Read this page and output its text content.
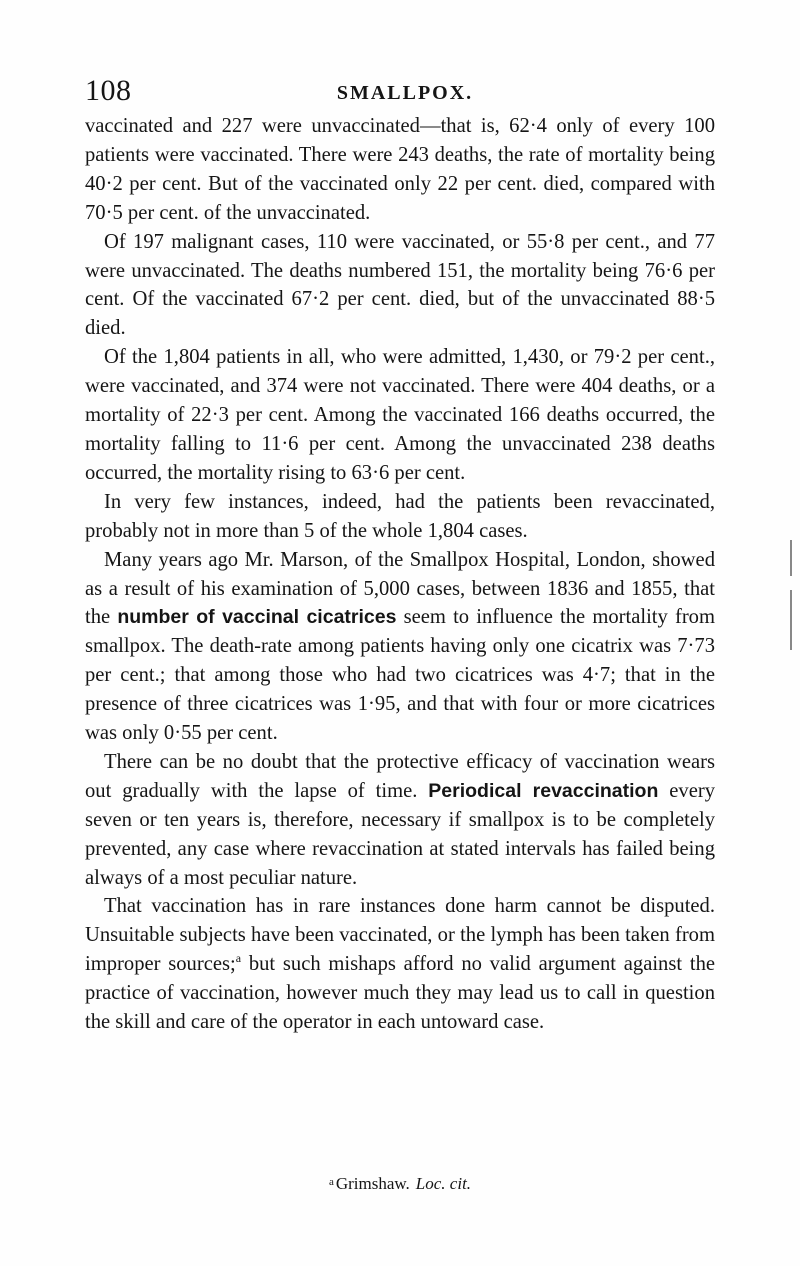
108	SMALLPOX.

vaccinated and 227 were unvaccinated—that is, 62·4 only of every 100 patients were vaccinated. There were 243 deaths, the rate of mortality being 40·2 per cent. But of the vaccinated only 22 per cent. died, compared with 70·5 per cent. of the unvaccinated.

Of 197 malignant cases, 110 were vaccinated, or 55·8 per cent., and 77 were unvaccinated. The deaths numbered 151, the mortality being 76·6 per cent. Of the vaccinated 67·2 per cent. died, but of the unvaccinated 88·5 died.

Of the 1,804 patients in all, who were admitted, 1,430, or 79·2 per cent., were vaccinated, and 374 were not vaccinated. There were 404 deaths, or a mortality of 22·3 per cent. Among the vaccinated 166 deaths occurred, the mortality falling to 11·6 per cent. Among the unvaccinated 238 deaths occurred, the mortality rising to 63·6 per cent.

In very few instances, indeed, had the patients been revaccinated, probably not in more than 5 of the whole 1,804 cases.

Many years ago Mr. Marson, of the Smallpox Hospital, London, showed as a result of his examination of 5,000 cases, between 1836 and 1855, that the number of vaccinal cicatrices seem to influence the mortality from smallpox. The death-rate among patients having only one cicatrix was 7·73 per cent.; that among those who had two cicatrices was 4·7; that in the presence of three cicatrices was 1·95, and that with four or more cicatrices was only 0·55 per cent.

There can be no doubt that the protective efficacy of vaccination wears out gradually with the lapse of time. Periodical revaccination every seven or ten years is, therefore, necessary if smallpox is to be completely prevented, any case where revaccination at stated intervals has failed being always of a most peculiar nature.

That vaccination has in rare instances done harm cannot be disputed. Unsuitable subjects have been vaccinated, or the lymph has been taken from improper sources;$^a$ but such mishaps afford no valid argument against the practice of vaccination, however much they may lead us to call in question the skill and care of the operator in each untoward case.

$^a$ Grimshaw. Loc. cit.
